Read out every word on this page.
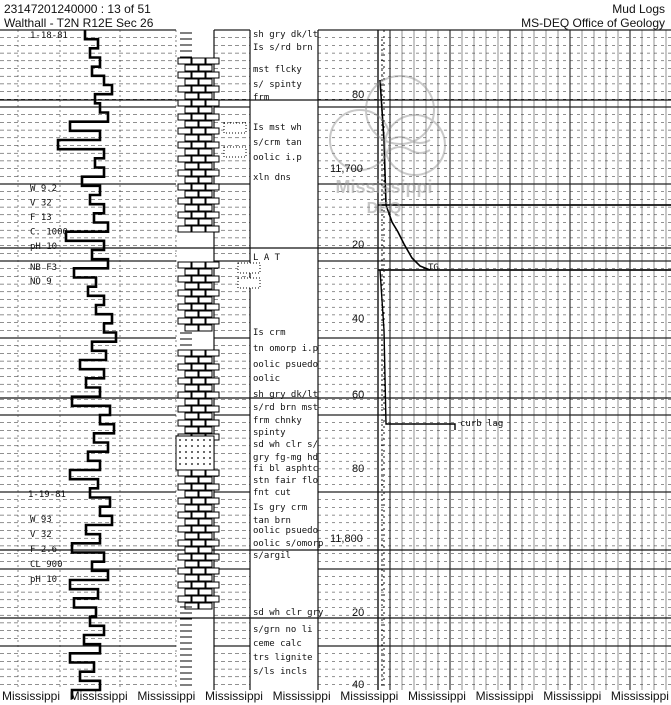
23147201240000 : 13 of 51
Walthall - T2N R12E Sec 26
Mud Logs
MS-DEQ Office of Geology
Mississippi
DEQ
1-18-81
1-19-81
11,700
11,800
W 9.2
V 32
F 13
C. 1000
pH 10
NB F3
NO 9
W 93
V 32
F 2.6
CL 900
pH 10
80
20
40
60
80
20
40
sh gry dk/lt
Is s/rd brn
mst flcky
s/ spinty
frm
Is mst wh
s/crm tan
oolic i.p
xln dns
L A T
Is crm
tn omorp i.p
oolic psuedo
oolic
sh gry dk/lt
s/rd brn mst
frm chnky
spinty
sd wh clr s/
gry fg-mg hd
fi bl asphtc
stn fair flo
fnt cut
Is gry crm
tan brn
oolic psuedo
oolic s/omorp
s/argil
sd wh clr gry
s/grn no li
ceme calc
trs lignite
s/ls incls
TG
curb lag
Mississippi Mississippi Mississippi Mississippi Mississippi Mississippi Mississippi Mississippi Mississippi Mississippi
